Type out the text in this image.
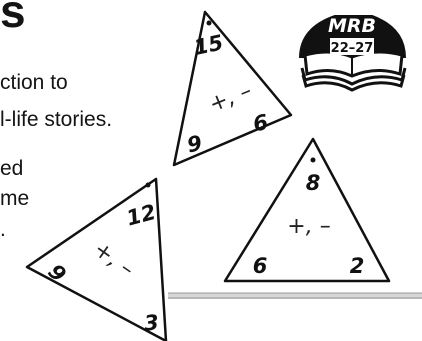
s

ction to

l-life stories.

ed

me

.

MRB
22–27
15
+, –
9
6
8
+, –
6	2
12
+, –
9
3
